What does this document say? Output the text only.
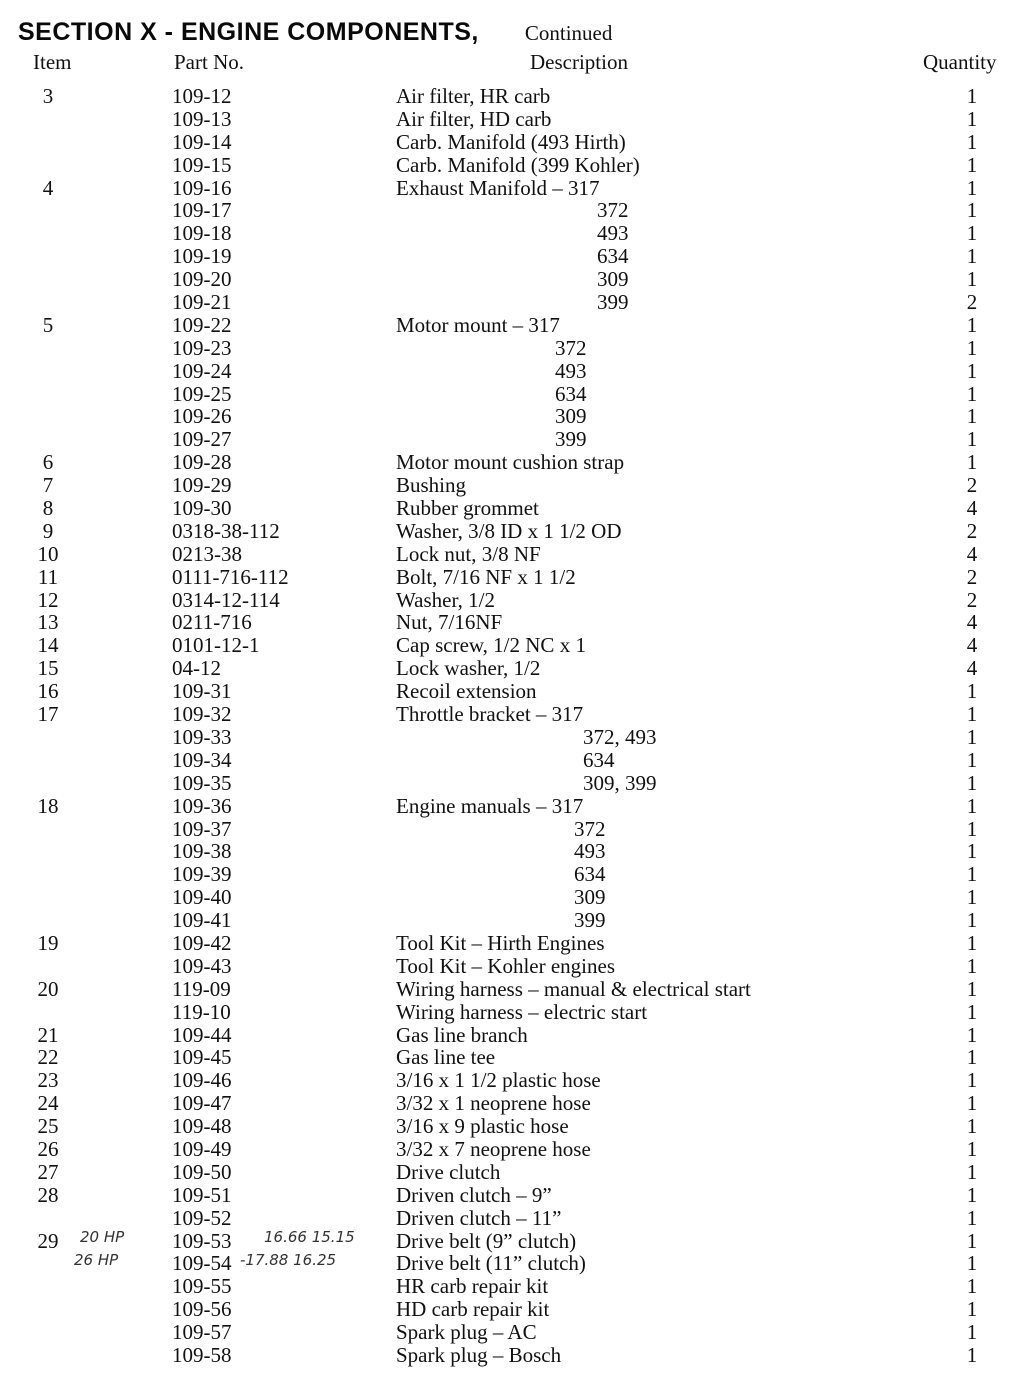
SECTION X - ENGINE COMPONENTS, Continued
Item	Part No.	Description	Quantity
3	109-12	Air filter, HR carb	1
109-13	Air filter, HD carb	1
109-14	Carb. Manifold (493 Hirth)	1
109-15	Carb. Manifold (399 Kohler)	1
4	109-16	Exhaust Manifold – 317	1
109-17	372	1
109-18	493	1
109-19	634	1
109-20	309	1
109-21	399	2
5	109-22	Motor mount – 317	1
109-23	372	1
109-24	493	1
109-25	634	1
109-26	309	1
109-27	399	1
6	109-28	Motor mount cushion strap	1
7	109-29	Bushing	2
8	109-30	Rubber grommet	4
9	0318-38-112	Washer, 3/8 ID x 1 1/2 OD	2
10	0213-38	Lock nut, 3/8 NF	4
11	0111-716-112	Bolt, 7/16 NF x 1 1/2	2
12	0314-12-114	Washer, 1/2	2
13	0211-716	Nut, 7/16NF	4
14	0101-12-1	Cap screw, 1/2 NC x 1	4
15	04-12	Lock washer, 1/2	4
16	109-31	Recoil extension	1
17	109-32	Throttle bracket – 317	1
109-33	372, 493	1
109-34	634	1
109-35	309, 399	1
18	109-36	Engine manuals – 317	1
109-37	372	1
109-38	493	1
109-39	634	1
109-40	309	1
109-41	399	1
19	109-42	Tool Kit – Hirth Engines	1
109-43	Tool Kit – Kohler engines	1
20	119-09	Wiring harness – manual & electrical start	1
119-10	Wiring harness – electric start	1
21	109-44	Gas line branch	1
22	109-45	Gas line tee	1
23	109-46	3/16 x 1 1/2 plastic hose	1
24	109-47	3/32 x 1 neoprene hose	1
25	109-48	3/16 x 9 plastic hose	1
26	109-49	3/32 x 7 neoprene hose	1
27	109-50	Drive clutch	1
28	109-51	Driven clutch – 9”	1
109-52	Driven clutch – 11”	1
29	109-53	Drive belt (9” clutch)	1
109-54	Drive belt (11” clutch)	1
109-55	HR carb repair kit	1
109-56	HD carb repair kit	1
109-57	Spark plug – AC	1
109-58	Spark plug – Bosch	1
20 HP
26 HP
16.66 15.15
-17.88 16.25
